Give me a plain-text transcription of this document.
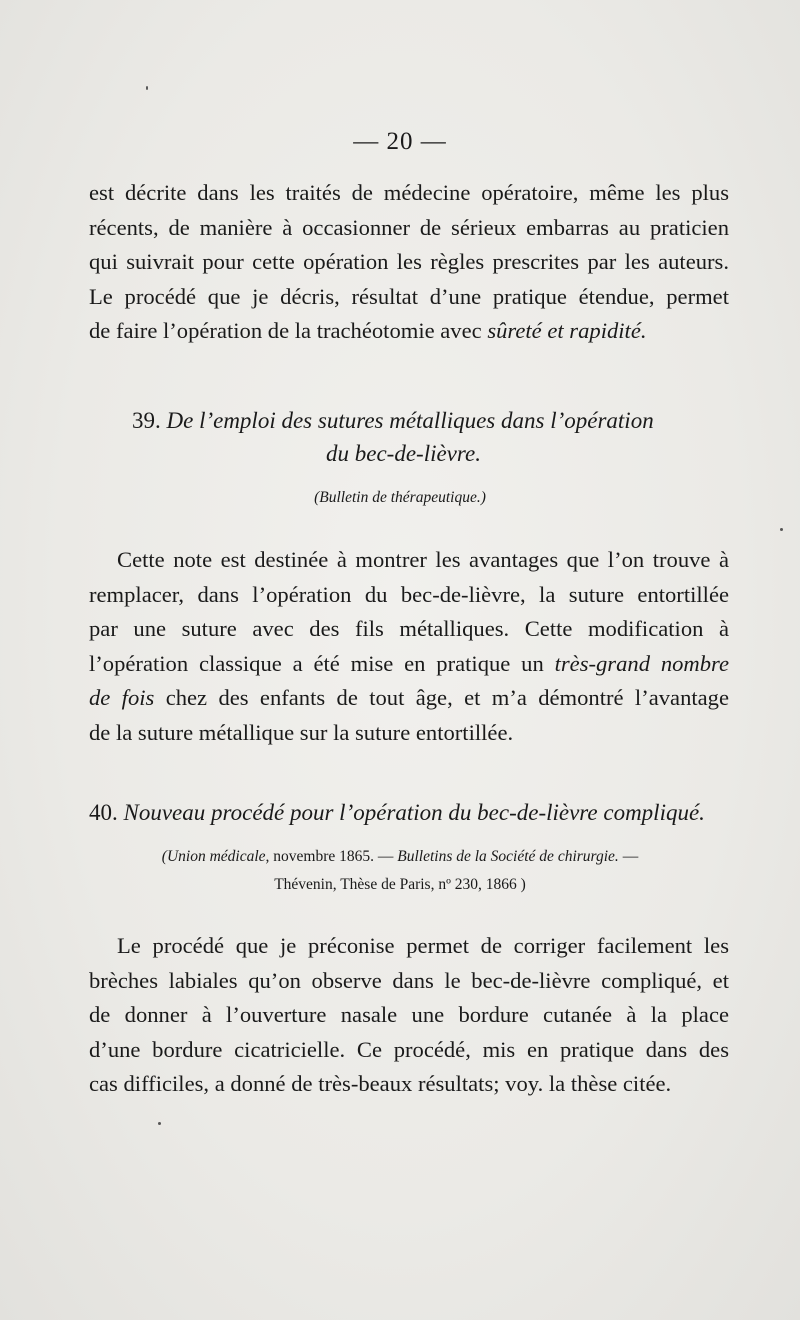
— 20 —
est décrite dans les traités de médecine opératoire, même les plus
récents, de manière à occasionner de sérieux embarras au praticien
qui suivrait pour cette opération les règles prescrites par les auteurs.
Le procédé que je décris, résultat d’une pratique étendue, permet
de faire l’opération de la trachéotomie avec sûreté et rapidité.
39. De l’emploi des sutures métalliques dans l’opération
du bec-de-lièvre.
(Bulletin de thérapeutique.)
Cette note est destinée à montrer les avantages que l’on trouve à
remplacer, dans l’opération du bec-de-lièvre, la suture entortillée
par une suture avec des fils métalliques. Cette modification à
l’opération classique a été mise en pratique un très-grand nombre
de fois chez des enfants de tout âge, et m’a démontré l’avantage
de la suture métallique sur la suture entortillée.
40. Nouveau procédé pour l’opération du bec-de-lièvre compliqué.
(Union médicale, novembre 1865. — Bulletins de la Société de chirurgie. —
Thévenin, Thèse de Paris, nº 230, 1866 )
Le procédé que je préconise permet de corriger facilement les
brèches labiales qu’on observe dans le bec-de-lièvre compliqué, et
de donner à l’ouverture nasale une bordure cutanée à la place
d’une bordure cicatricielle. Ce procédé, mis en pratique dans des
cas difficiles, a donné de très-beaux résultats; voy. la thèse citée.
